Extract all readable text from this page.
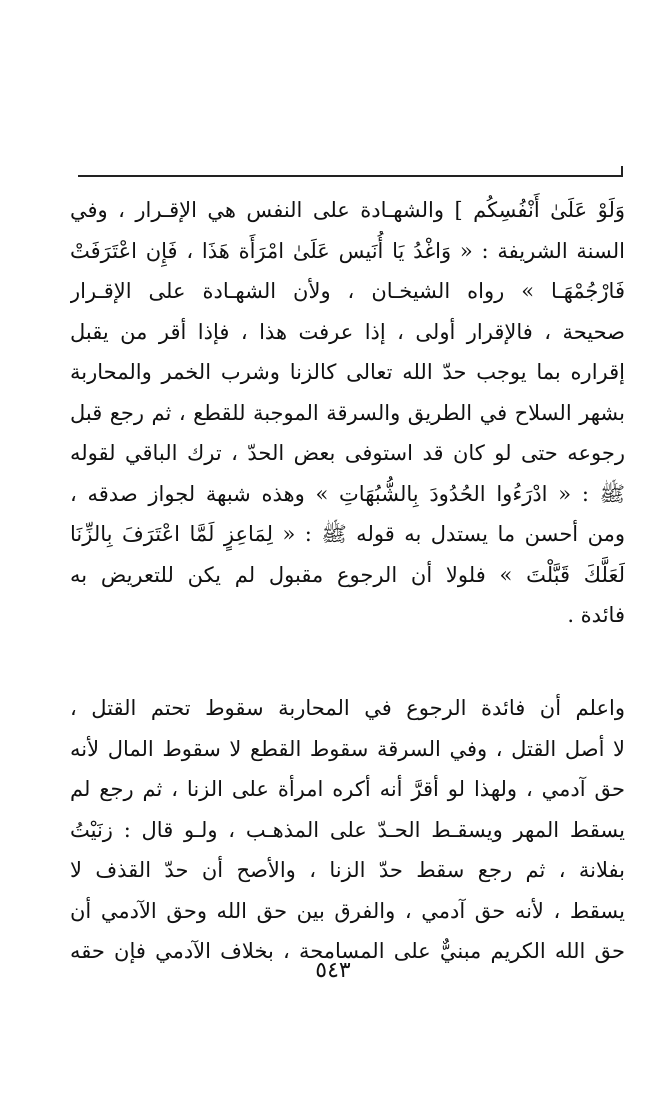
وَلَوْ عَلَىٰ أَنْفُسِكُم ] والشهـادة على النفس هي الإقـرار ، وفي
السنة الشريفة : « وَاغْدُ يَا أُنَيس عَلَىٰ امْرَأَة هَذَا ، فَإِن اعْتَرَفَتْ
فَارْجُمْهَـا » رواه الشيخـان ، ولأن الشهـادة على الإقـرار
صحيحة ، فالإقرار أولى ، إذا عرفت هذا ، فإذا أقر من يقبل
إقراره بما يوجب حدّ الله تعالى كالزنا وشرب الخمر والمحاربة
بشهر السلاح في الطريق والسرقة الموجبة للقطع ، ثم رجع قبل
رجوعه حتى لو كان قد استوفى بعض الحدّ ، ترك الباقي لقوله
ﷺ : « ادْرَءُوا الحُدُودَ بِالشُّبُهَاتِ » وهذه شبهة لجواز صدقه ،
ومن أحسن ما يستدل به قوله ﷺ : « لِمَاعِزٍ لَمَّا اعْتَرَفَ بِالزِّنَا
لَعَلَّكَ قَبَّلْتَ » فلولا أن الرجوع مقبول لم يكن للتعريض به
فائدة .
واعلم أن فائدة الرجوع في المحاربة سقوط تحتم القتل ،
لا أصل القتل ، وفي السرقة سقوط القطع لا سقوط المال لأنه
حق آدمي ، ولهذا لو أقرَّ أنه أكره امرأة على الزنا ، ثم رجع لم
يسقط المهر ويسقـط الحـدّ على المذهـب ، ولـو قال : زنَيْتُ
بفلانة ، ثم رجع سقط حدّ الزنا ، والأصح أن حدّ القذف لا
يسقط ، لأنه حق آدمي ، والفرق بين حق الله وحق الآدمي أن
حق الله الكريم مبنيٌّ على المسامحة ، بخلاف الآدمي فإن حقه
٥٤٣
